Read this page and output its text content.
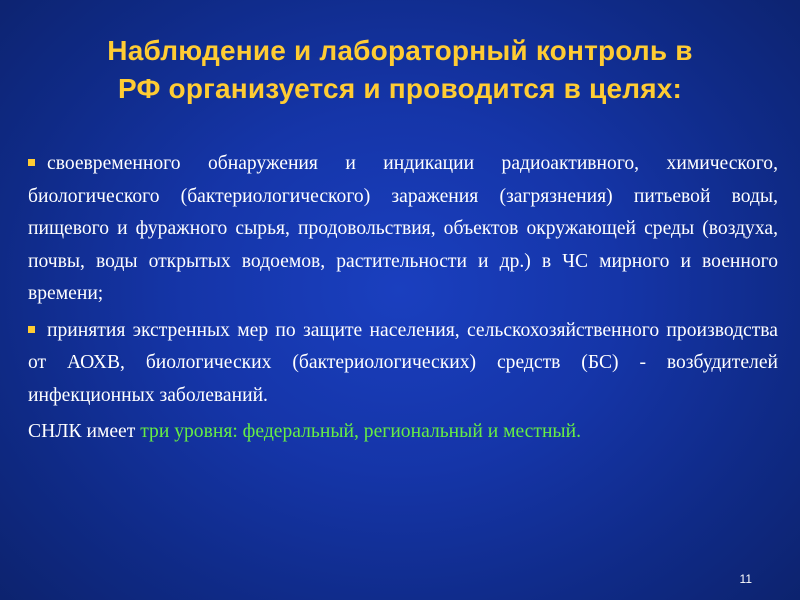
Наблюдение и лабораторный контроль в
РФ организуется и проводится в целях:

своевременного обнаружения и индикации радиоактивного, химического, биологического (бактериологического) заражения (загрязнения) питьевой воды, пищевого и фуражного сырья, продовольствия, объектов окружающей среды (воздуха, почвы, воды открытых водоемов, растительности и др.) в ЧС мирного и военного времени;

принятия экстренных мер по защите населения, сельскохозяйственного производства от АОХВ, биологических (бактериологических) средств (БС) - возбудителей инфекционных заболеваний.

СНЛК имеет три уровня: федеральный, региональный и местный.

11
